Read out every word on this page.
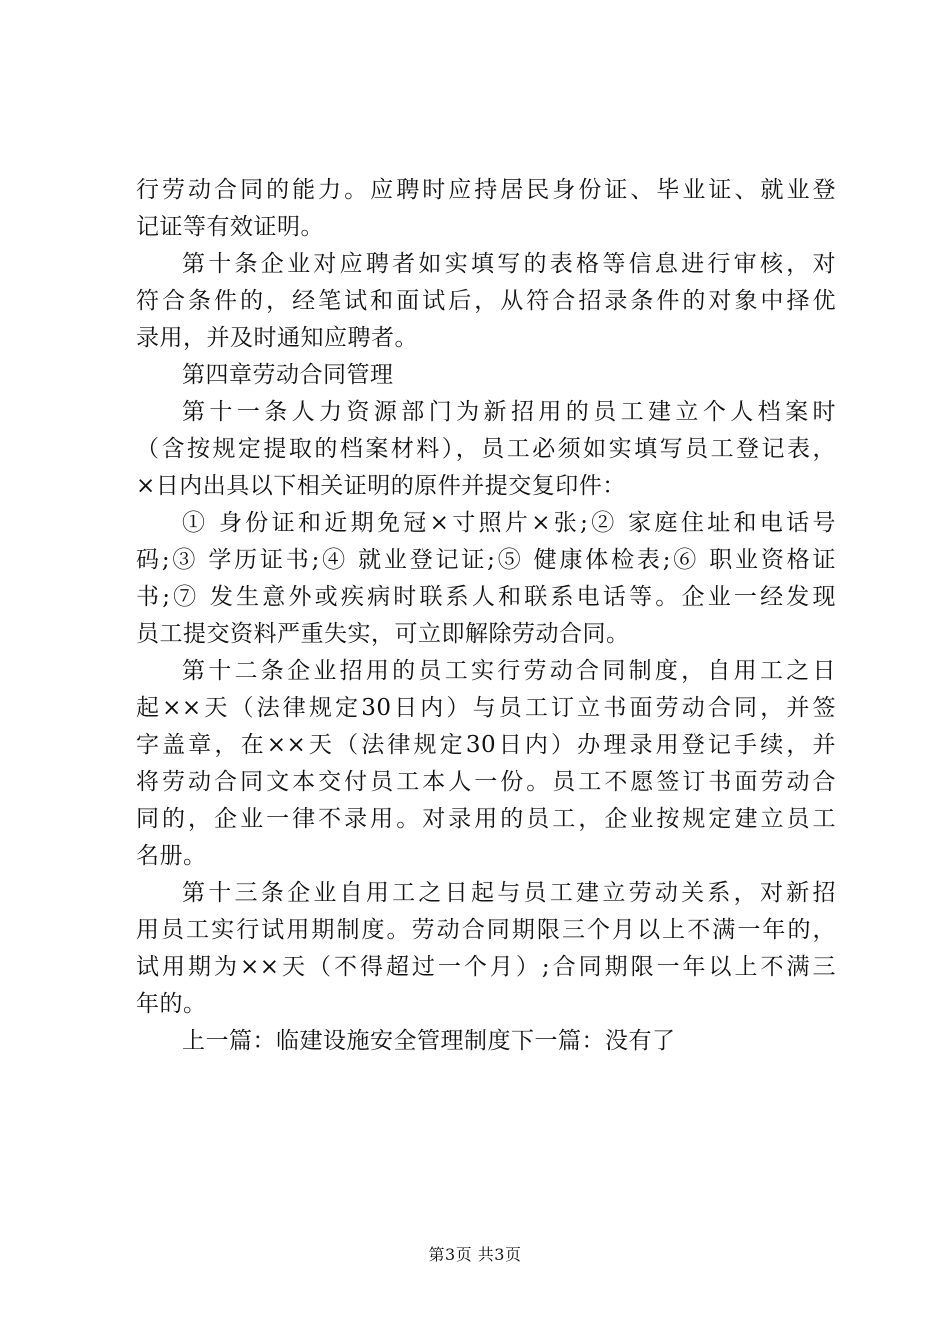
行劳动合同的能力。应聘时应持居民身份证、毕业证、就业登
记证等有效证明。
第十条企业对应聘者如实填写的表格等信息进行审核，对
符合条件的，经笔试和面试后，从符合招录条件的对象中择优
录用，并及时通知应聘者。
第四章劳动合同管理
第十一条人力资源部门为新招用的员工建立个人档案时
（含按规定提取的档案材料），员工必须如实填写员工登记表，
×日内出具以下相关证明的原件并提交复印件：
① 身份证和近期免冠×寸照片×张;② 家庭住址和电话号
码;③ 学历证书;④ 就业登记证;⑤ 健康体检表;⑥ 职业资格证
书;⑦ 发生意外或疾病时联系人和联系电话等。企业一经发现
员工提交资料严重失实，可立即解除劳动合同。
第十二条企业招用的员工实行劳动合同制度，自用工之日
起××天（法律规定30日内）与员工订立书面劳动合同，并签
字盖章，在××天（法律规定30日内）办理录用登记手续，并
将劳动合同文本交付员工本人一份。员工不愿签订书面劳动合
同的，企业一律不录用。对录用的员工，企业按规定建立员工
名册。
第十三条企业自用工之日起与员工建立劳动关系，对新招
用员工实行试用期制度。劳动合同期限三个月以上不满一年的，
试用期为××天（不得超过一个月）;合同期限一年以上不满三
年的。
上一篇：临建设施安全管理制度下一篇：没有了
第3页 共3页
